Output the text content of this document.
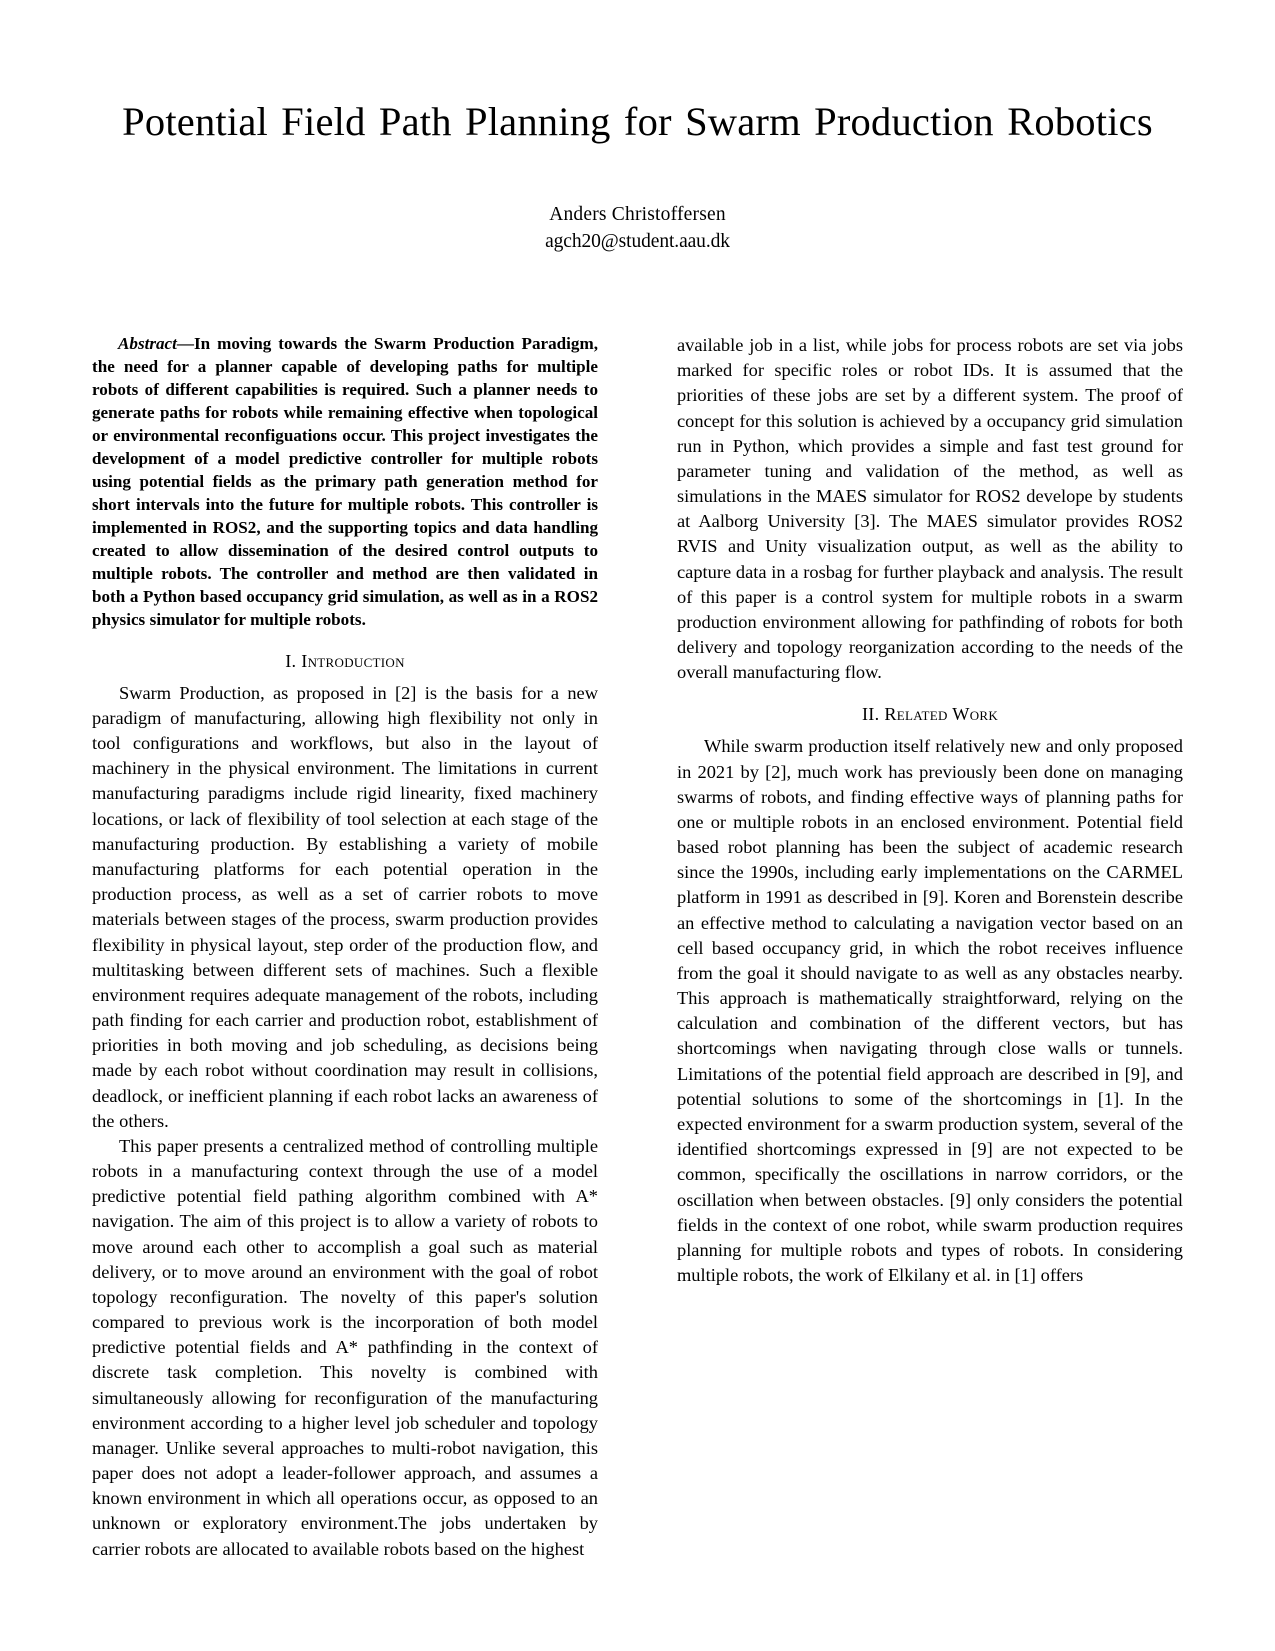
Potential Field Path Planning for Swarm Production Robotics
Anders Christoffersen
agch20@student.aau.dk

Abstract—In moving towards the Swarm Production Paradigm, the need for a planner capable of developing paths for multiple robots of different capabilities is required. Such a planner needs to generate paths for robots while remaining effective when topological or environmental reconfiguations occur. This project investigates the development of a model predictive controller for multiple robots using potential fields as the primary path generation method for short intervals into the future for multiple robots. This controller is implemented in ROS2, and the supporting topics and data handling created to allow dissemination of the desired control outputs to multiple robots. The controller and method are then validated in both a Python based occupancy grid simulation, as well as in a ROS2 physics simulator for multiple robots.

I. Introduction

Swarm Production, as proposed in [2] is the basis for a new paradigm of manufacturing, allowing high flexibility not only in tool configurations and workflows, but also in the layout of machinery in the physical environment. The limitations in current manufacturing paradigms include rigid linearity, fixed machinery locations, or lack of flexibility of tool selection at each stage of the manufacturing production. By establishing a variety of mobile manufacturing platforms for each potential operation in the production process, as well as a set of carrier robots to move materials between stages of the process, swarm production provides flexibility in physical layout, step order of the production flow, and multitasking between different sets of machines. Such a flexible environment requires adequate management of the robots, including path finding for each carrier and production robot, establishment of priorities in both moving and job scheduling, as decisions being made by each robot without coordination may result in collisions, deadlock, or inefficient planning if each robot lacks an awareness of the others.

This paper presents a centralized method of controlling multiple robots in a manufacturing context through the use of a model predictive potential field pathing algorithm combined with A* navigation. The aim of this project is to allow a variety of robots to move around each other to accomplish a goal such as material delivery, or to move around an environment with the goal of robot topology reconfiguration. The novelty of this paper's solution compared to previous work is the incorporation of both model predictive potential fields and A* pathfinding in the context of discrete task completion. This novelty is combined with simultaneously allowing for reconfiguration of the manufacturing environment according to a higher level job scheduler and topology manager. Unlike several approaches to multi-robot navigation, this paper does not adopt a leader-follower approach, and assumes a known environment in which all operations occur, as opposed to an unknown or exploratory environment.The jobs undertaken by carrier robots are allocated to available robots based on the highest

available job in a list, while jobs for process robots are set via jobs marked for specific roles or robot IDs. It is assumed that the priorities of these jobs are set by a different system. The proof of concept for this solution is achieved by a occupancy grid simulation run in Python, which provides a simple and fast test ground for parameter tuning and validation of the method, as well as simulations in the MAES simulator for ROS2 develope by students at Aalborg University [3]. The MAES simulator provides ROS2 RVIS and Unity visualization output, as well as the ability to capture data in a rosbag for further playback and analysis. The result of this paper is a control system for multiple robots in a swarm production environment allowing for pathfinding of robots for both delivery and topology reorganization according to the needs of the overall manufacturing flow.

II. Related Work

While swarm production itself relatively new and only proposed in 2021 by [2], much work has previously been done on managing swarms of robots, and finding effective ways of planning paths for one or multiple robots in an enclosed environment. Potential field based robot planning has been the subject of academic research since the 1990s, including early implementations on the CARMEL platform in 1991 as described in [9]. Koren and Borenstein describe an effective method to calculating a navigation vector based on an cell based occupancy grid, in which the robot receives influence from the goal it should navigate to as well as any obstacles nearby. This approach is mathematically straightforward, relying on the calculation and combination of the different vectors, but has shortcomings when navigating through close walls or tunnels. Limitations of the potential field approach are described in [9], and potential solutions to some of the shortcomings in [1]. In the expected environment for a swarm production system, several of the identified shortcomings expressed in [9] are not expected to be common, specifically the oscillations in narrow corridors, or the oscillation when between obstacles. [9] only considers the potential fields in the context of one robot, while swarm production requires planning for multiple robots and types of robots. In considering multiple robots, the work of Elkilany et al. in [1] offers
